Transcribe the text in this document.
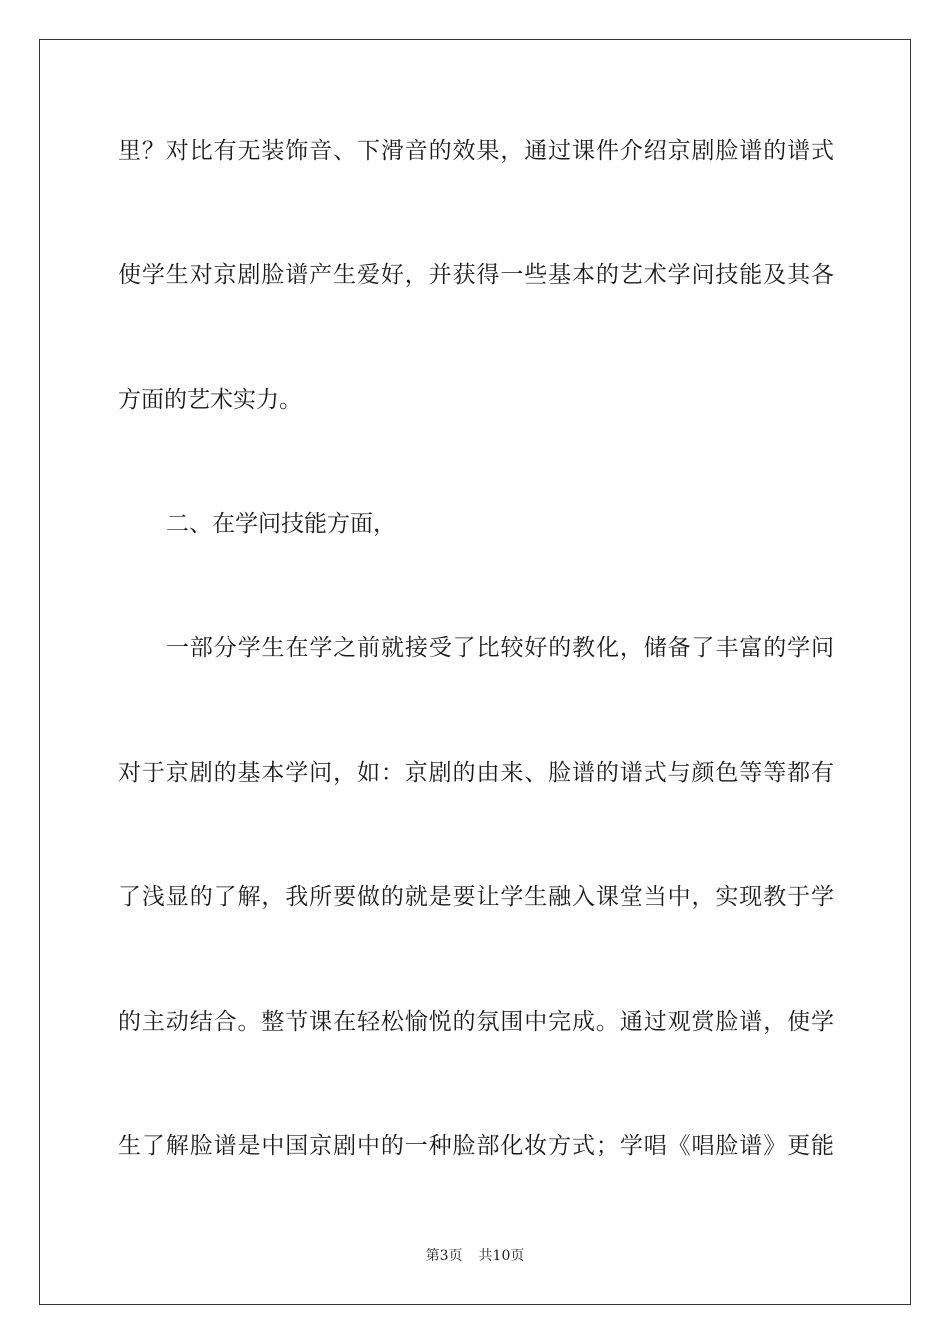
里？对比有无装饰音、下滑音的效果，通过课件介绍京剧脸谱的谱式
使学生对京剧脸谱产生爱好，并获得一些基本的艺术学问技能及其各
方面的艺术实力。
二、在学问技能方面，
一部分学生在学之前就接受了比较好的教化，储备了丰富的学问
对于京剧的基本学问，如：京剧的由来、脸谱的谱式与颜色等等都有
了浅显的了解，我所要做的就是要让学生融入课堂当中，实现教于学
的主动结合。整节课在轻松愉悦的氛围中完成。通过观赏脸谱，使学
生了解脸谱是中国京剧中的一种脸部化妆方式；学唱《唱脸谱》更能
第3页 共10页
